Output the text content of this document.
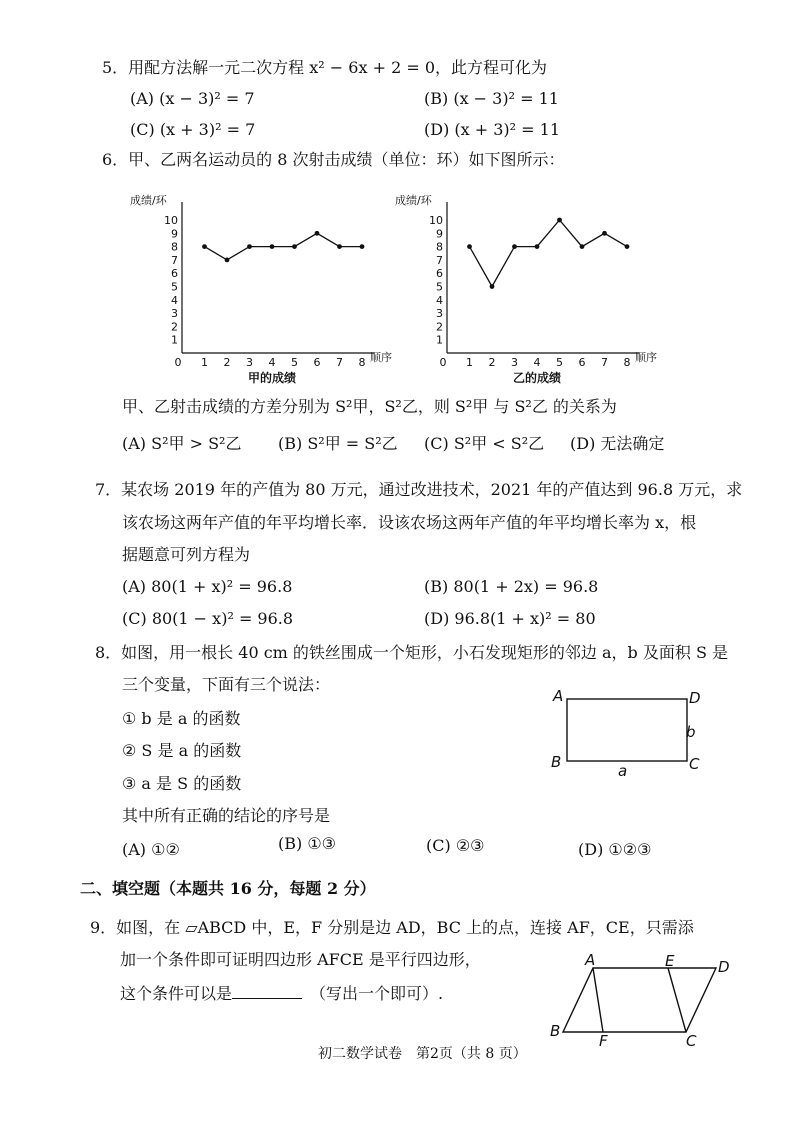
5．用配方法解一元二次方程 x² − 6x + 2 = 0，此方程可化为
(A) (x − 3)² = 7	(B) (x − 3)² = 11
(C) (x + 3)² = 7	(D) (x + 3)² = 11
6．甲、乙两名运动员的 8 次射击成绩（单位：环）如下图所示：
成绩/环
顺序
1
2
3
4
5
6
7
8
9
10
0 1 2 3 4 5 6 7 8
甲的成绩
成绩/环
顺序
1
2
3
4
5
6
7
8
9
10
0 1 2 3 4 5 6 7 8
乙的成绩
甲、乙射击成绩的方差分别为 S²甲，S²乙，则 S²甲 与 S²乙 的关系为
(A) S²甲 > S²乙 (B) S²甲 = S²乙 (C) S²甲 < S²乙 (D) 无法确定
7．某农场 2019 年的产值为 80 万元，通过改进技术，2021 年的产值达到 96.8 万元，求
该农场这两年产值的年平均增长率．设该农场这两年产值的年平均增长率为 x，根
据题意可列方程为
(A) 80(1 + x)² = 96.8	(B) 80(1 + 2x) = 96.8
(C) 80(1 − x)² = 96.8	(D) 96.8(1 + x)² = 80
8．如图，用一根长 40 cm 的铁丝围成一个矩形，小石发现矩形的邻边 a，b 及面积 S 是
三个变量，下面有三个说法：
① b 是 a 的函数
② S 是 a 的函数
③ a 是 S 的函数
其中所有正确的结论的序号是
(A) ①②	(B) ①③	(C) ②③	(D) ①②③
A	D
B	C
b
a
二、填空题（本题共 16 分，每题 2 分）
9．如图，在 ▱ABCD 中，E，F 分别是边 AD，BC 上的点，连接 AF，CE，只需添
加一个条件即可证明四边形 AFCE 是平行四边形，
这个条件可以是	（写出一个即可）.
A	E	D
B
F	C
初二数学试卷　第2页（共 8 页）
